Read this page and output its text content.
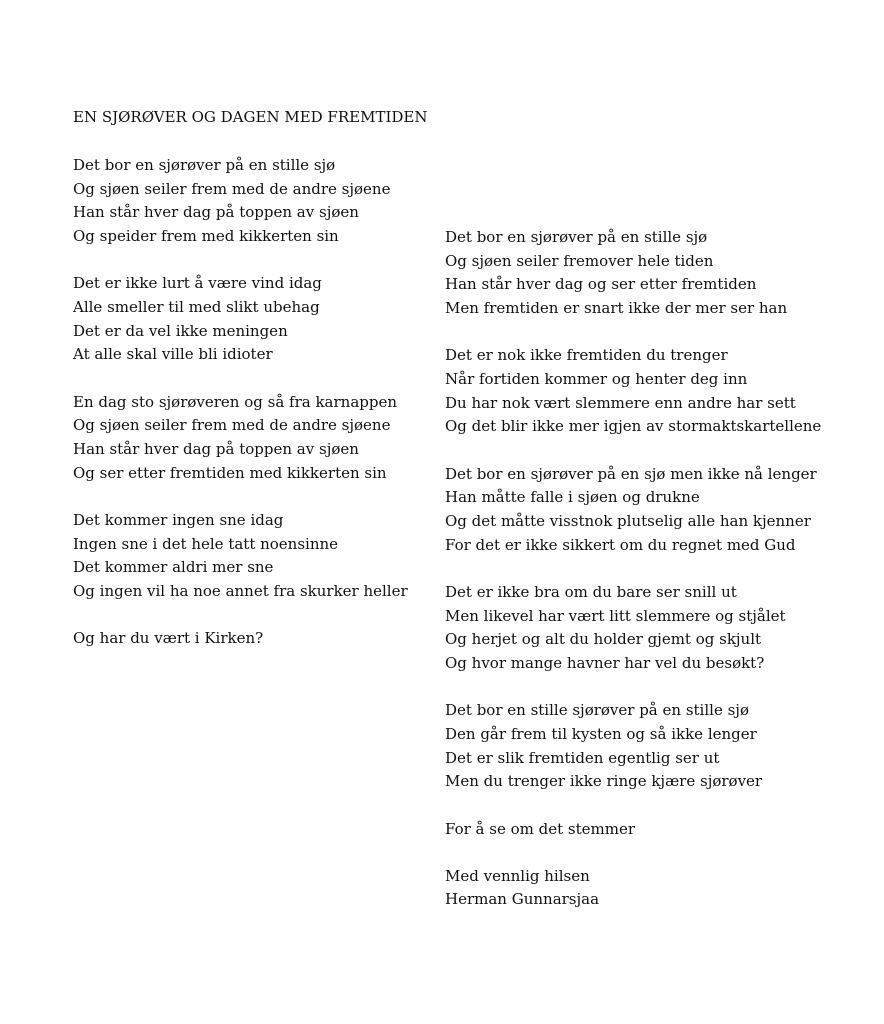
EN SJØRØVER OG DAGEN MED FREMTIDEN
Det bor en sjørøver på en stille sjø
Og sjøen seiler frem med de andre sjøene
Han står hver dag på toppen av sjøen
Og speider frem med kikkerten sin
Det er ikke lurt å være vind idag
Alle smeller til med slikt ubehag
Det er da vel ikke meningen
At alle skal ville bli idioter
En dag sto sjørøveren og så fra karnappen
Og sjøen seiler frem med de andre sjøene
Han står hver dag på toppen av sjøen
Og ser etter fremtiden med kikkerten sin
Det kommer ingen sne idag
Ingen sne i det hele tatt noensinne
Det kommer aldri mer sne
Og ingen vil ha noe annet fra skurker heller
Og har du vært i Kirken?
Det bor en sjørøver på en stille sjø
Og sjøen seiler fremover hele tiden
Han står hver dag og ser etter fremtiden
Men fremtiden er snart ikke der mer ser han
Det er nok ikke fremtiden du trenger
Når fortiden kommer og henter deg inn
Du har nok vært slemmere enn andre har sett
Og det blir ikke mer igjen av stormaktskartellene
Det bor en sjørøver på en sjø men ikke nå lenger
Han måtte falle i sjøen og drukne
Og det måtte visstnok plutselig alle han kjenner
For det er ikke sikkert om du regnet med Gud
Det er ikke bra om du bare ser snill ut
Men likevel har vært litt slemmere og stjålet
Og herjet og alt du holder gjemt og skjult
Og hvor mange havner har vel du besøkt?
Det bor en stille sjørøver på en stille sjø
Den går frem til kysten og så ikke lenger
Det er slik fremtiden egentlig ser ut
Men du trenger ikke ringe kjære sjørøver
For å se om det stemmer
Med vennlig hilsen
Herman Gunnarsjaa
